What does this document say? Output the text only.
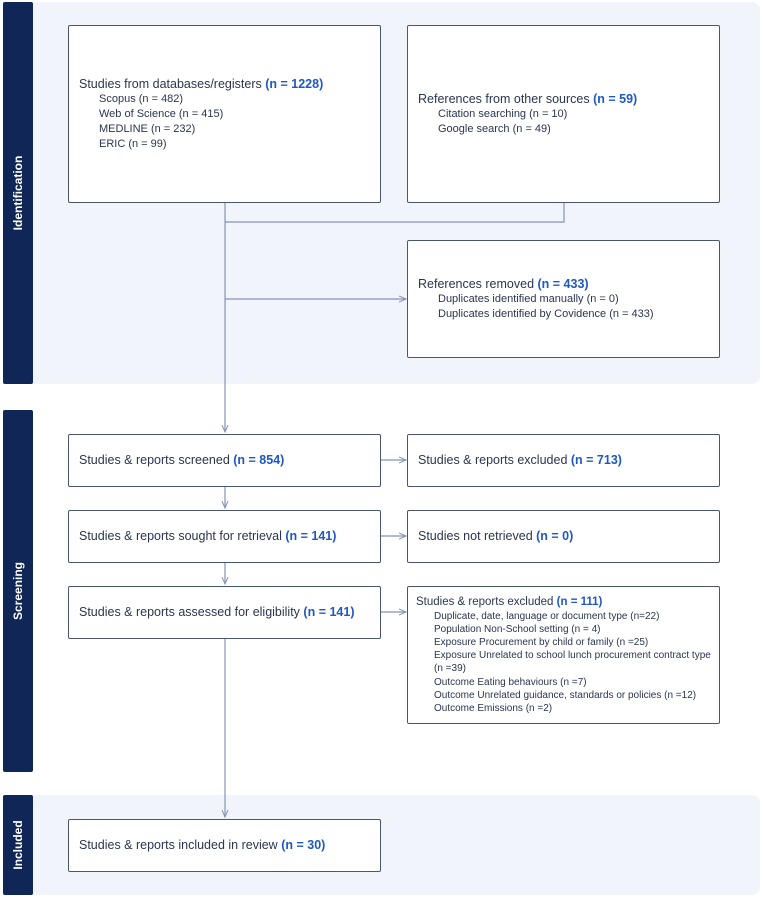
Identification
Screening
Included
Studies from databases/registers (n = 1228)
Scopus (n = 482)
Web of Science (n = 415)
MEDLINE (n = 232)
ERIC (n = 99)
References from other sources (n = 59)
Citation searching (n = 10)
Google search (n = 49)
References removed (n = 433)
Duplicates identified manually (n = 0)
Duplicates identified by Covidence (n = 433)
Studies & reports screened (n = 854)	Studies & reports excluded (n = 713)
Studies & reports sought for retrieval (n = 141)	Studies not retrieved (n = 0)
Studies & reports assessed for eligibility (n = 141)
Studies & reports excluded (n = 111)
Duplicate, date, language or document type (n=22)
Population Non-School setting (n = 4)
Exposure Procurement by child or family (n =25)
Exposure Unrelated to school lunch procurement contract type (n =39)
Outcome Eating behaviours (n =7)
Outcome Unrelated guidance, standards or policies (n =12)
Outcome Emissions (n =2)
Studies & reports included in review (n = 30)
